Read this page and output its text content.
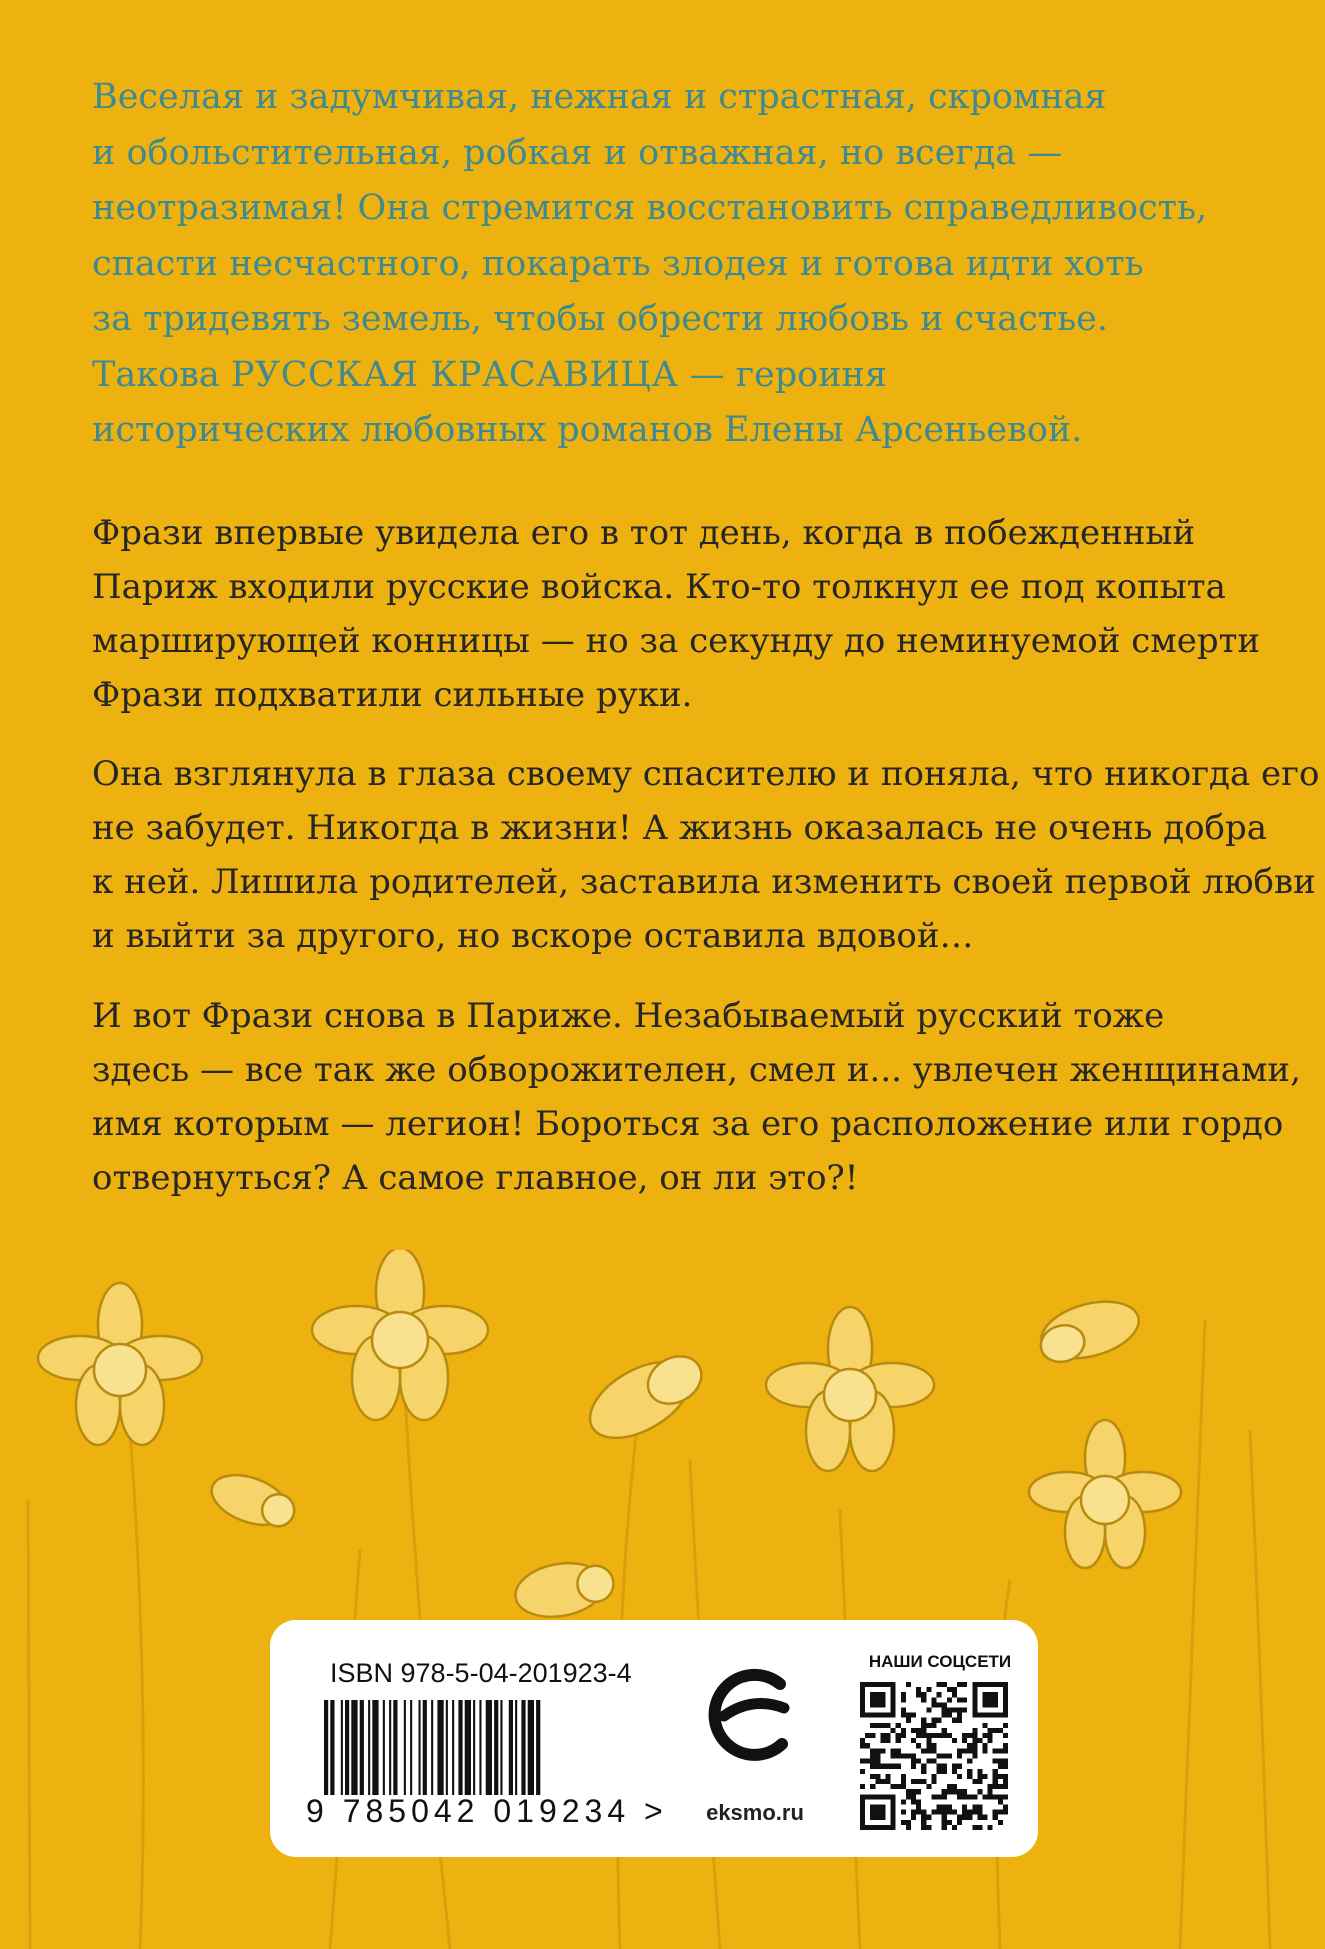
Веселая и задумчивая, нежная и страстная, скромная
и обольстительная, робкая и отважная, но всегда —
неотразимая! Она стремится восстановить справедливость,
спасти несчастного, покарать злодея и готова идти хоть
за тридевять земель, чтобы обрести любовь и счастье.
Такова РУССКАЯ КРАСАВИЦА — героиня
исторических любовных романов Елены Арсеньевой.
Фрази впервые увидела его в тот день, когда в побежденный
Париж входили русские войска. Кто-то толкнул ее под копыта
марширующей конницы — но за секунду до неминуемой смерти
Фрази подхватили сильные руки.
Она взглянула в глаза своему спасителю и поняла, что никогда его
не забудет. Никогда в жизни! А жизнь оказалась не очень добра
к ней. Лишила родителей, заставила изменить своей первой любви
и выйти за другого, но вскоре оставила вдовой…
И вот Фрази снова в Париже. Незабываемый русский тоже
здесь — все так же обворожителен, смел и... увлечен женщинами,
имя которым — легион! Бороться за его расположение или гордо
отвернуться? А самое главное, он ли это?!
ISBN 978-5-04-201923-4
9 785042 019234 >	eksmo.ru
НАШИ СОЦСЕТИ
